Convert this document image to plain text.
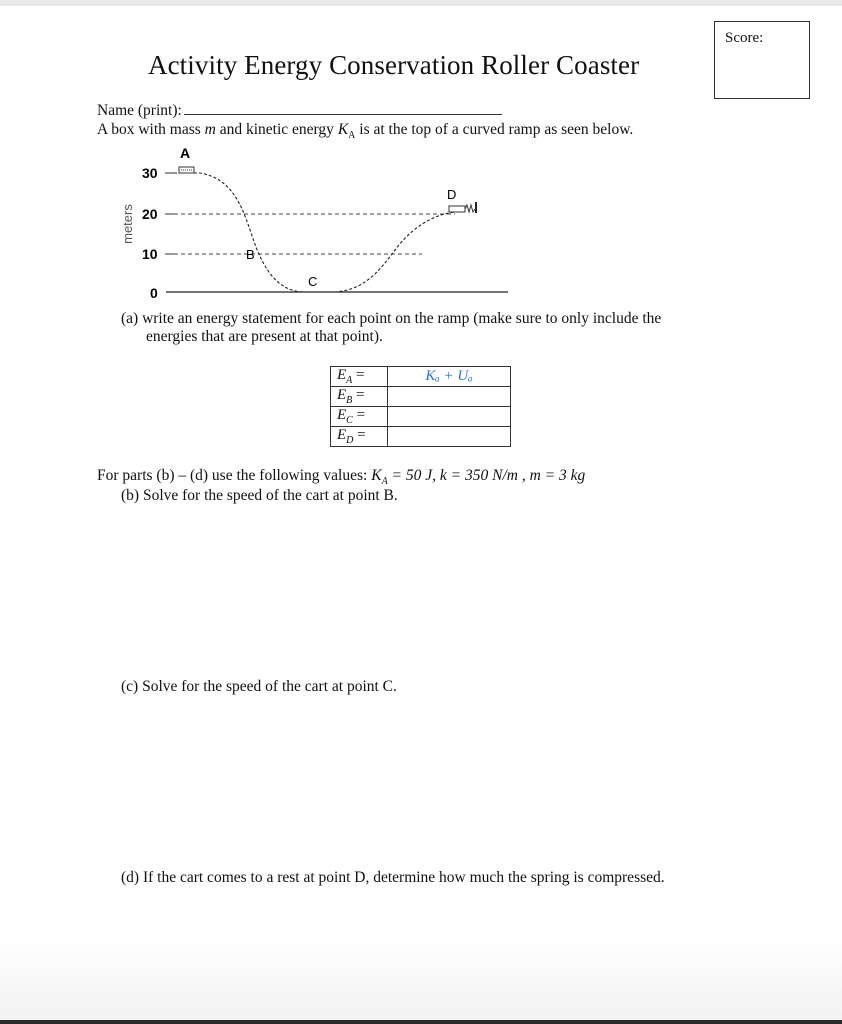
Score:
Activity Energy Conservation Roller Coaster
Name (print):
A box with mass m and kinetic energy $K_A$ is at the top of a curved ramp as seen below.
meters
30
20
10
0
A
B
C
D
(a) write an energy statement for each point on the ramp (make sure to only include the
energies that are present at that point).
$E_A$ =	Kₐ + Uₐ
$E_B$ =	
$E_C$ =	
$E_D$ =	
For parts (b) – (d) use the following values: $K_A = 50$ J, k = 350 N/m , m = 3 kg
(b) Solve for the speed of the cart at point B.
(c) Solve for the speed of the cart at point C.
(d) If the cart comes to a rest at point D, determine how much the spring is compressed.
